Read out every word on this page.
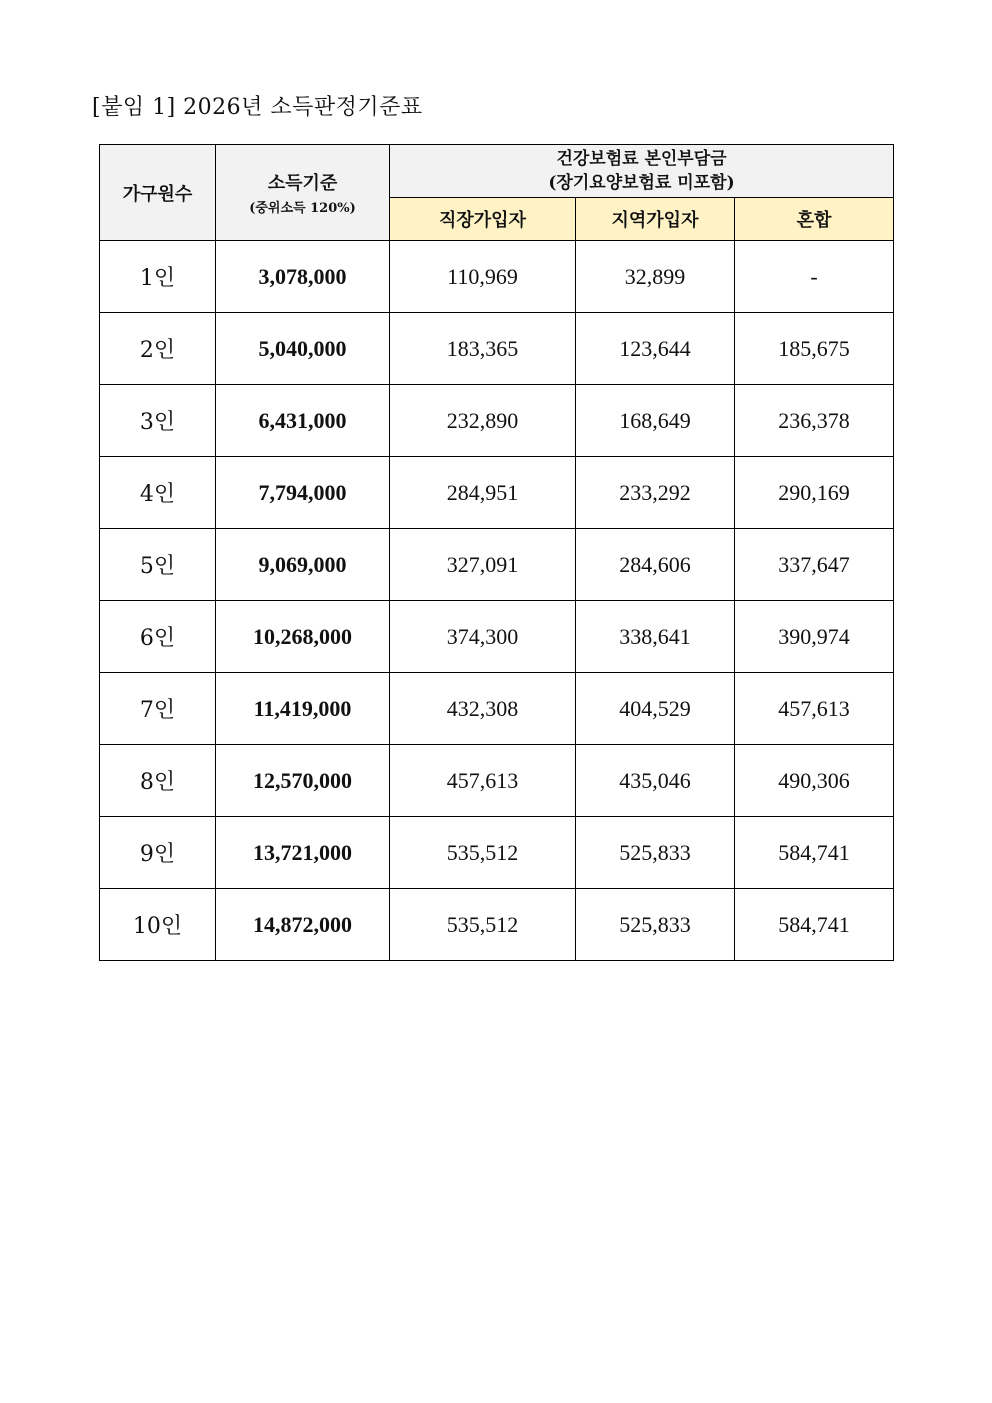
[붙임 1] 2026년 소득판정기준표
가구원수	소득기준
(중위소득 120%)

건강보험료 본인부담금
(장기요양보험료 미포함)

		직장가입자	지역가입자	혼합
1인	3,078,000	110,969	32,899	-
2인	5,040,000	183,365	123,644	185,675
3인	6,431,000	232,890	168,649	236,378
4인	7,794,000	284,951	233,292	290,169
5인	9,069,000	327,091	284,606	337,647
6인	10,268,000	374,300	338,641	390,974
7인	11,419,000	432,308	404,529	457,613
8인	12,570,000	457,613	435,046	490,306
9인	13,721,000	535,512	525,833	584,741
10인	14,872,000	535,512	525,833	584,741
